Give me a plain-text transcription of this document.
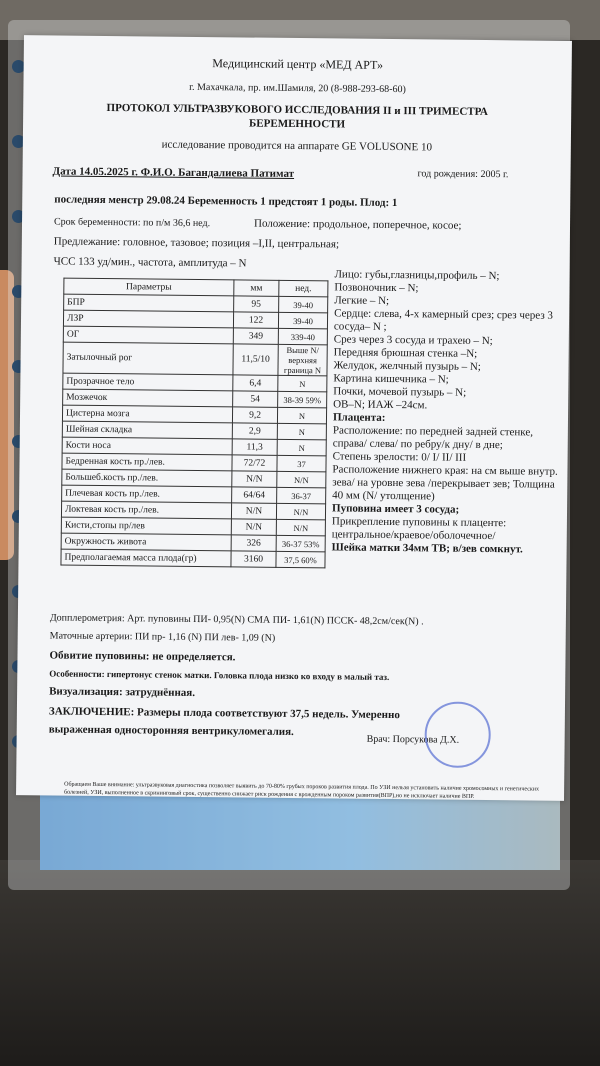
Медицинский центр «МЕД АРТ»
г. Махачкала, пр. им.Шамиля, 20 (8-988-293-68-60)
ПРОТОКОЛ УЛЬТРАЗВУКОВОГО ИССЛЕДОВАНИЯ II и III ТРИМЕСТРА
БЕРЕМЕННОСТИ
исследование проводится на аппарате GE VOLUSONE 10
Дата 14.05.2025 г. Ф.И.О. Багандалиева Патимат	год рождения: 2005 г.
последняя менстр 29.08.24 Беременность 1 предстоят 1 роды. Плод: 1
Срок беременности: по п/м 36,6 нед.	Положение: продольное, поперечное, косое;
Предлежание: головное, тазовое; позиция –I,II, центральная;
ЧСС 133 уд/мин., частота, амплитуда – N
Параметры	мм	нед.
БПР	95	39-40
ЛЗР	122	39-40
ОГ	349	339-40
Затылочный рог	11,5/10	Выше N/верхняя граница N
Прозрачное тело	6,4	N
Мозжечок	54	38-39 59%
Цистерна мозга	9,2	N
Шейная складка	2,9	N
Кости носа	11,3	N
Бедренная кость пр./лев.	72/72	37
Большеб.кость пр./лев.	N/N	N/N
Плечевая кость пр./лев.	64/64	36-37
Локтевая кость пр./лев.	N/N	N/N
Кисти,стопы пр/лев	N/N	N/N
Окружность живота	326	36-37 53%
Предполагаемая масса плода(гр)	3160	37,5 60%
Лицо: губы,глазницы,профиль – N;
Позвоночник – N;
Легкие – N;
Сердце: слева, 4-х камерный срез; срез через 3 сосуда– N ;
Срез через 3 сосуда и трахею – N;
Передняя брюшная стенка –N;
Желудок, желчный пузырь – N;
Картина кишечника – N;
Почки, мочевой пузырь – N;
ОВ–N; ИАЖ –24см.
Плацента:
Расположение: по передней задней стенке, справа/ слева/ по ребру/к дну/ в дне;
Степень зрелости: 0/ I/ II/ III
Расположение нижнего края: на см выше внутр. зева/ на уровне зева /перекрывает зев; Толщина 40 мм (N/ утолщение)
Пуповина имеет 3 сосуда;
Прикрепление пуповины к плаценте: центральное/краевое/оболочечное/
Шейка матки 34мм ТВ; в/зев сомкнут.
Допплерометрия: Арт. пуповины ПИ- 0,95(N) СМА ПИ- 1,61(N) ПССК- 48,2см/сек(N) .
Маточные артерии: ПИ пр- 1,16 (N) ПИ лев- 1,09 (N)
Обвитие пуповины: не определяется.
Особенности: гипертонус стенок матки. Головка плода низко ко входу в малый таз.
Визуализация: затруднённая.
ЗАКЛЮЧЕНИЕ: Размеры плода соответствуют 37,5 недель. Умеренно
выраженная односторонняя вентрикуломегалия.
Врач: Порсукова Д.Х.
Обращаем Ваше внимание: ультразвуковая диагностика позволяет выявить до 70-80% грубых пороков развития плода. По УЗИ нельзя установить наличие хромосомных и генетических болезней, УЗИ, выполненное в скрининговый срок, существенно снижает риск рождения с врожденным пороком развития(ВПР),но не исключает наличие ВПР.
